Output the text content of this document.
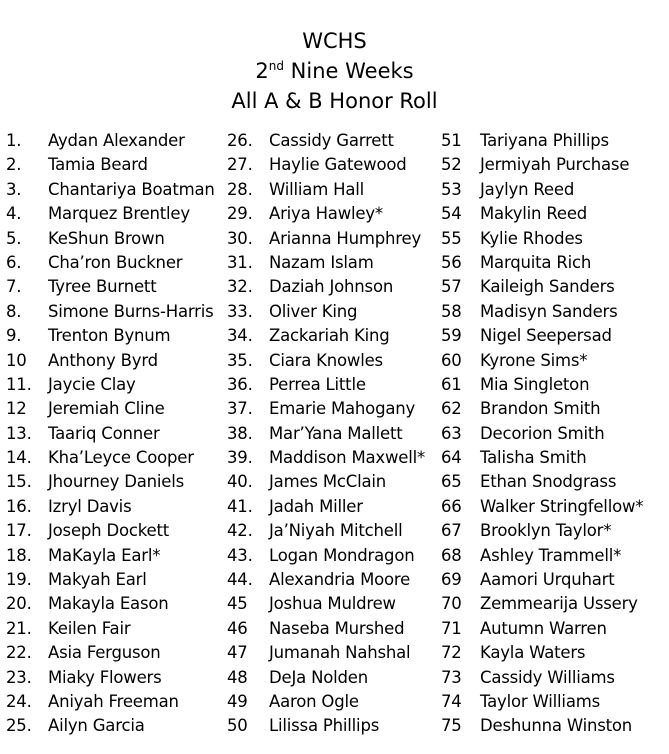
WCHS
2nd Nine Weeks
All A & B Honor Roll
1. Aydan Alexander
2. Tamia Beard
3. Chantariya Boatman
4. Marquez Brentley
5. KeShun Brown
6. Cha’ron Buckner
7. Tyree Burnett
8. Simone Burns-Harris
9. Trenton Bynum
10 Anthony Byrd
11. Jaycie Clay
12 Jeremiah Cline
13. Taariq Conner
14. Kha’Leyce Cooper
15. Jhourney Daniels
16. Izryl Davis
17. Joseph Dockett
18. MaKayla Earl*
19. Makyah Earl
20. Makayla Eason
21. Keilen Fair
22. Asia Ferguson
23. Miaky Flowers
24. Aniyah Freeman
25. Ailyn Garcia
26. Cassidy Garrett
27. Haylie Gatewood
28. William Hall
29. Ariya Hawley*
30. Arianna Humphrey
31. Nazam Islam
32. Daziah Johnson
33. Oliver King
34. Zackariah King
35. Ciara Knowles
36. Perrea Little
37. Emarie Mahogany
38. Mar’Yana Mallett
39. Maddison Maxwell*
40. James McClain
41. Jadah Miller
42. Ja’Niyah Mitchell
43. Logan Mondragon
44. Alexandria Moore
45 Joshua Muldrew
46 Naseba Murshed
47 Jumanah Nahshal
48 DeJa Nolden
49 Aaron Ogle
50 Lilissa Phillips
51 Tariyana Phillips
52 Jermiyah Purchase
53 Jaylyn Reed
54 Makylin Reed
55 Kylie Rhodes
56 Marquita Rich
57 Kaileigh Sanders
58 Madisyn Sanders
59 Nigel Seepersad
60 Kyrone Sims*
61 Mia Singleton
62 Brandon Smith
63 Decorion Smith
64 Talisha Smith
65 Ethan Snodgrass
66 Walker Stringfellow*
67 Brooklyn Taylor*
68 Ashley Trammell*
69 Aamori Urquhart
70 Zemmearija Ussery
71 Autumn Warren
72 Kayla Waters
73 Cassidy Williams
74 Taylor Williams
75 Deshunna Winston
